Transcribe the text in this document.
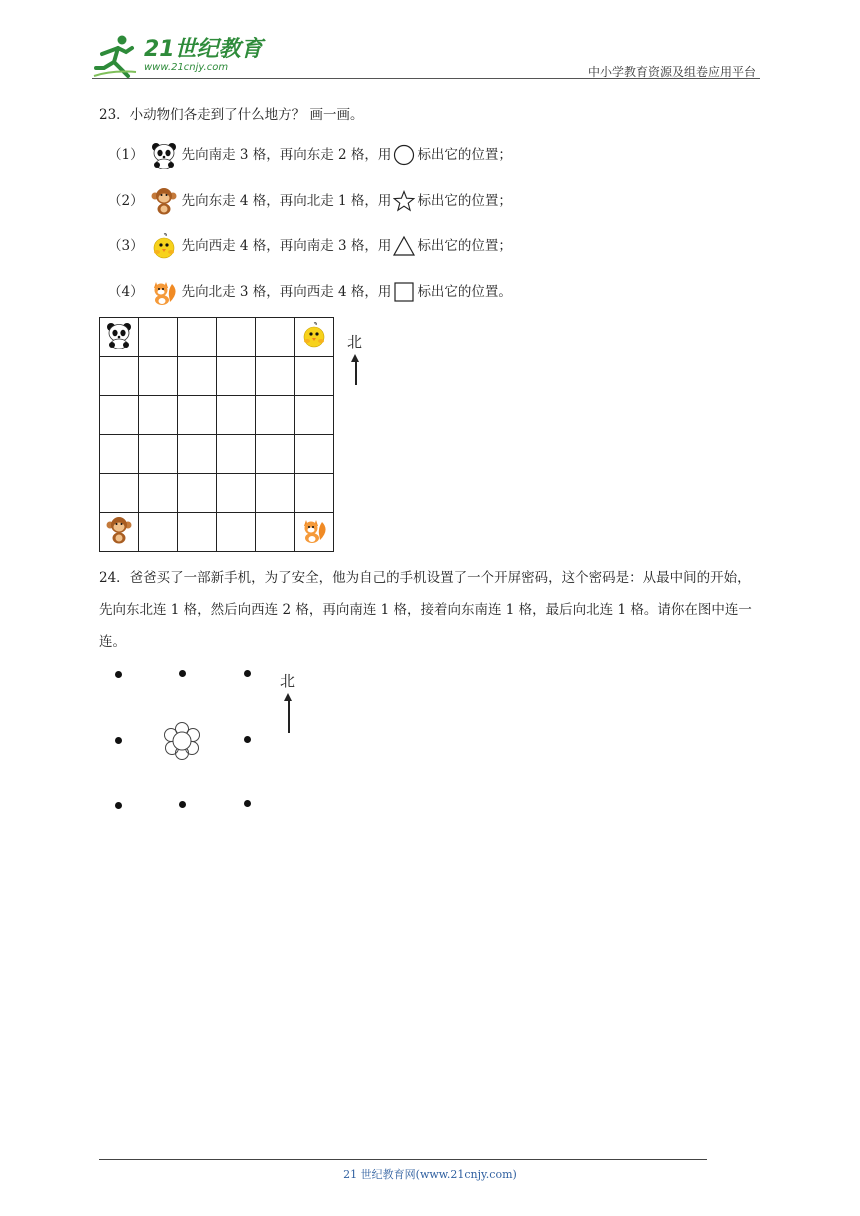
21世纪教育
www.21cnjy.com	中小学教育资源及组卷应用平台
23．小动物们各走到了什么地方？ 画一画。
（1）	先向南走 3 格，再向东走 2 格，用 标出它的位置；
（2）	先向东走 4 格，再向北走 1 格，用 标出它的位置；
（3）	先向西走 4 格，再向南走 3 格，用 标出它的位置；
（4）	先向北走 3 格，再向西走 4 格，用 标出它的位置。

北
24．爸爸买了一部新手机，为了安全，他为自己的手机设置了一个开屏密码，这个密码是：从最中间的开始，先向东北连 1 格，然后向西连 2 格，再向南连 1 格，接着向东南连 1 格，最后向北连 1 格。请你在图中连一连。
北
21 世纪教育网(www.21cnjy.com)
